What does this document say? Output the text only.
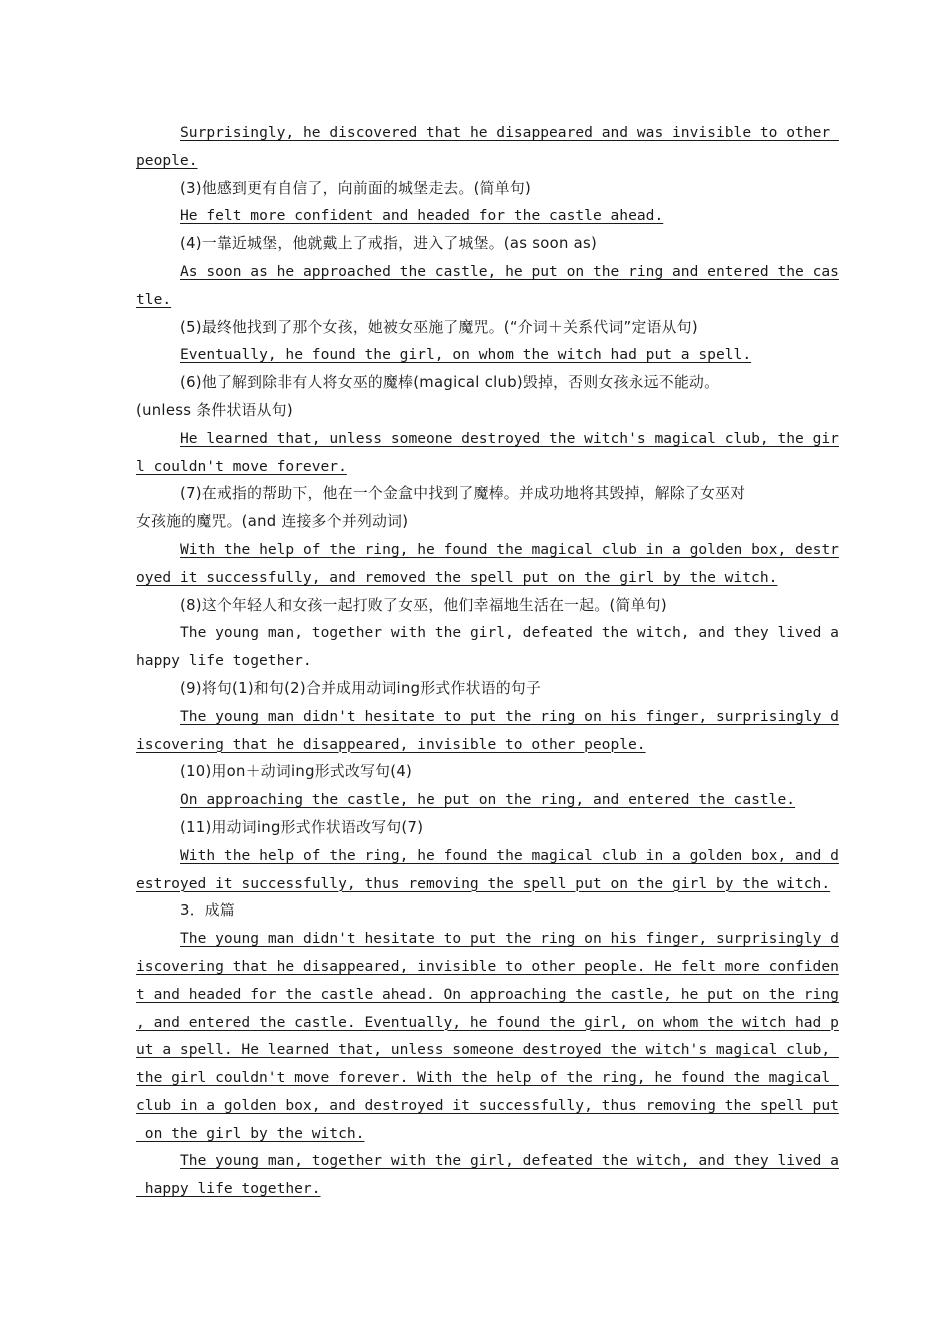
Surprisingly, he discovered that he disappeared and was invisible to other
people.
(3)他感到更有自信了，向前面的城堡走去。(简单句)
He felt more confident and headed for the castle ahead.
(4)一靠近城堡，他就戴上了戒指，进入了城堡。(as soon as)
As soon as he approached the castle, he put on the ring and entered the cas
tle.
(5)最终他找到了那个女孩，她被女巫施了魔咒。(“介词＋关系代词”定语从句)
Eventually, he found the girl, on whom the witch had put a spell.
(6)他了解到除非有人将女巫的魔棒(magical club)毁掉，否则女孩永远不能动。
(unless 条件状语从句)
He learned that, unless someone destroyed the witch's magical club, the gir
l couldn't move forever.
(7)在戒指的帮助下，他在一个金盒中找到了魔棒。并成功地将其毁掉，解除了女巫对
女孩施的魔咒。(and 连接多个并列动词)
With the help of the ring, he found the magical club in a golden box, destr
oyed it successfully, and removed the spell put on the girl by the witch.
(8)这个年轻人和女孩一起打败了女巫，他们幸福地生活在一起。(简单句)
The young man, together with the girl, defeated the witch, and they lived a
happy life together.
(9)将句(1)和句(2)合并成用动词ing形式作状语的句子
The young man didn't hesitate to put the ring on his finger, surprisingly d
iscovering that he disappeared, invisible to other people.
(10)用on＋动词ing形式改写句(4)
On approaching the castle, he put on the ring, and entered the castle.
(11)用动词ing形式作状语改写句(7)
With the help of the ring, he found the magical club in a golden box, and d
estroyed it successfully, thus removing the spell put on the girl by the witch.
3．成篇
The young man didn't hesitate to put the ring on his finger, surprisingly d
iscovering that he disappeared, invisible to other people. He felt more confiden
t and headed for the castle ahead. On approaching the castle, he put on the ring
, and entered the castle. Eventually, he found the girl, on whom the witch had p
ut a spell. He learned that, unless someone destroyed the witch's magical club,
the girl couldn't move forever. With the help of the ring, he found the magical
club in a golden box, and destroyed it successfully, thus removing the spell put
on the girl by the witch.
The young man, together with the girl, defeated the witch, and they lived a
happy life together.
